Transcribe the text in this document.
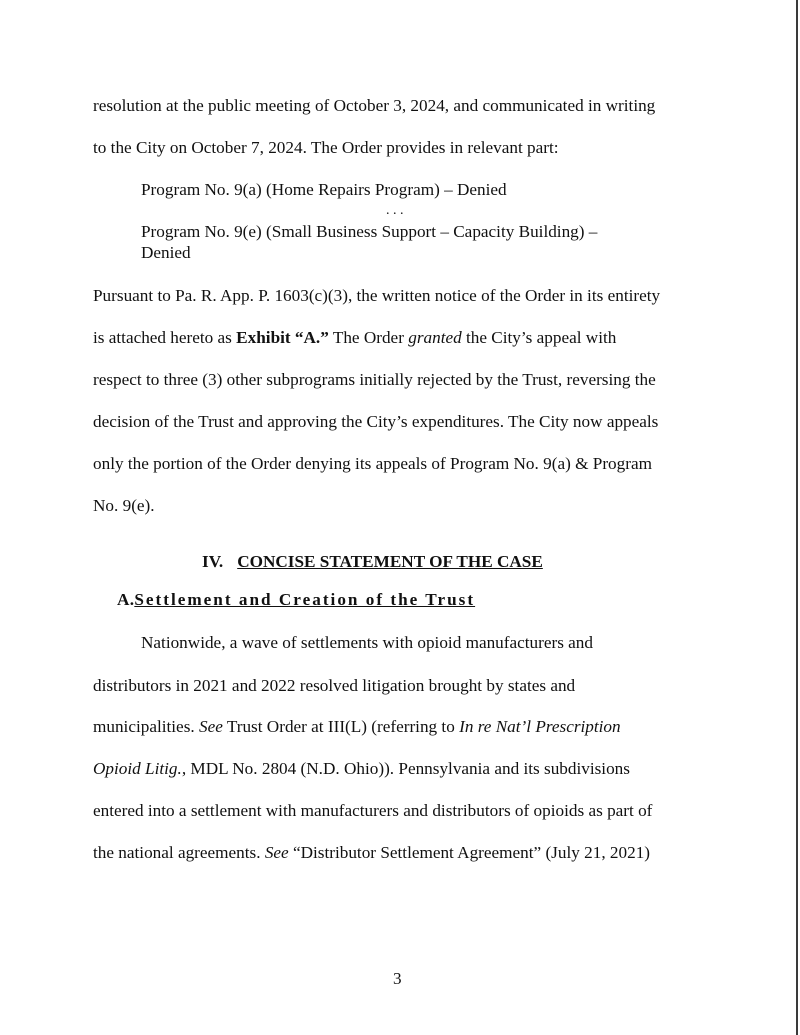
resolution at the public meeting of October 3, 2024, and communicated in writing
to the City on October 7, 2024. The Order provides in relevant part:
Program No. 9(a) (Home Repairs Program) – Denied
. . .
Program No. 9(e) (Small Business Support – Capacity Building) –
Denied
Pursuant to Pa. R. App. P. 1603(c)(3), the written notice of the Order in its entirety
is attached hereto as Exhibit “A.” The Order granted the City’s appeal with
respect to three (3) other subprograms initially rejected by the Trust, reversing the
decision of the Trust and approving the City’s expenditures. The City now appeals
only the portion of the Order denying its appeals of Program No. 9(a) & Program
No. 9(e).
IV. CONCISE STATEMENT OF THE CASE
A.Settlement and Creation of the Trust
Nationwide, a wave of settlements with opioid manufacturers and
distributors in 2021 and 2022 resolved litigation brought by states and
municipalities. See Trust Order at III(L) (referring to In re Nat’l Prescription
Opioid Litig., MDL No. 2804 (N.D. Ohio)). Pennsylvania and its subdivisions
entered into a settlement with manufacturers and distributors of opioids as part of
the national agreements. See “Distributor Settlement Agreement” (July 21, 2021)
3
